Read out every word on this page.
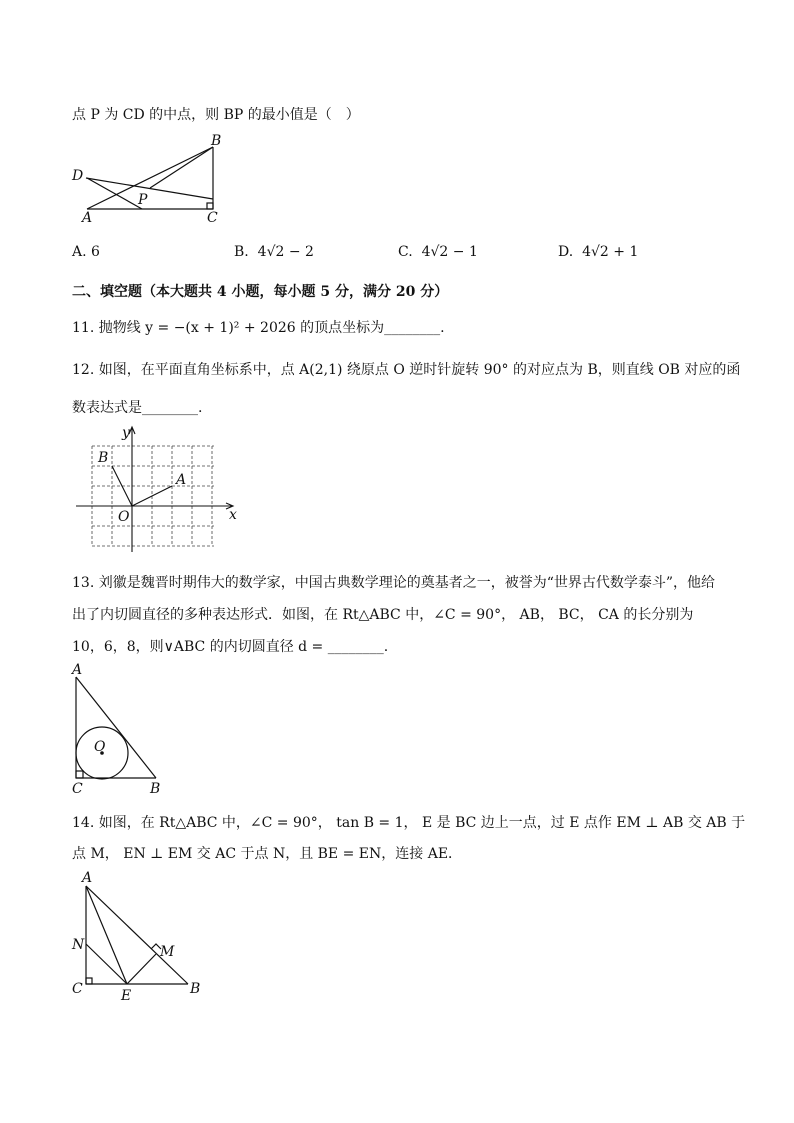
点 P 为 CD 的中点，则 BP 的最小值是（　）
B
D
A
P
C
A. 6	B. 4√2 − 2	C. 4√2 − 1	D. 4√2 + 1
二、填空题（本大题共 4 小题，每小题 5 分，满分 20 分）
11. 抛物线 y = −(x + 1)² + 2026 的顶点坐标为________.
12. 如图，在平面直角坐标系中，点 A(2,1) 绕原点 O 逆时针旋转 90° 的对应点为 B，则直线 OB 对应的函
数表达式是________.
y
x
O
A
B
13. 刘徽是魏晋时期伟大的数学家，中国古典数学理论的奠基者之一，被誉为“世界古代数学泰斗”，他给
出了内切圆直径的多种表达形式．如图，在 Rt△ABC 中，∠C = 90°， AB， BC， CA 的长分别为
10，6，8，则∨ABC 的内切圆直径 d = ________.
A
O
C	B
14. 如图，在 Rt△ABC 中，∠C = 90°， tan B = 1， E 是 BC 边上一点，过 E 点作 EM ⊥ AB 交 AB 于
点 M， EN ⊥ EM 交 AC 于点 N，且 BE = EN，连接 AE．
A
N	M
C	E	B
